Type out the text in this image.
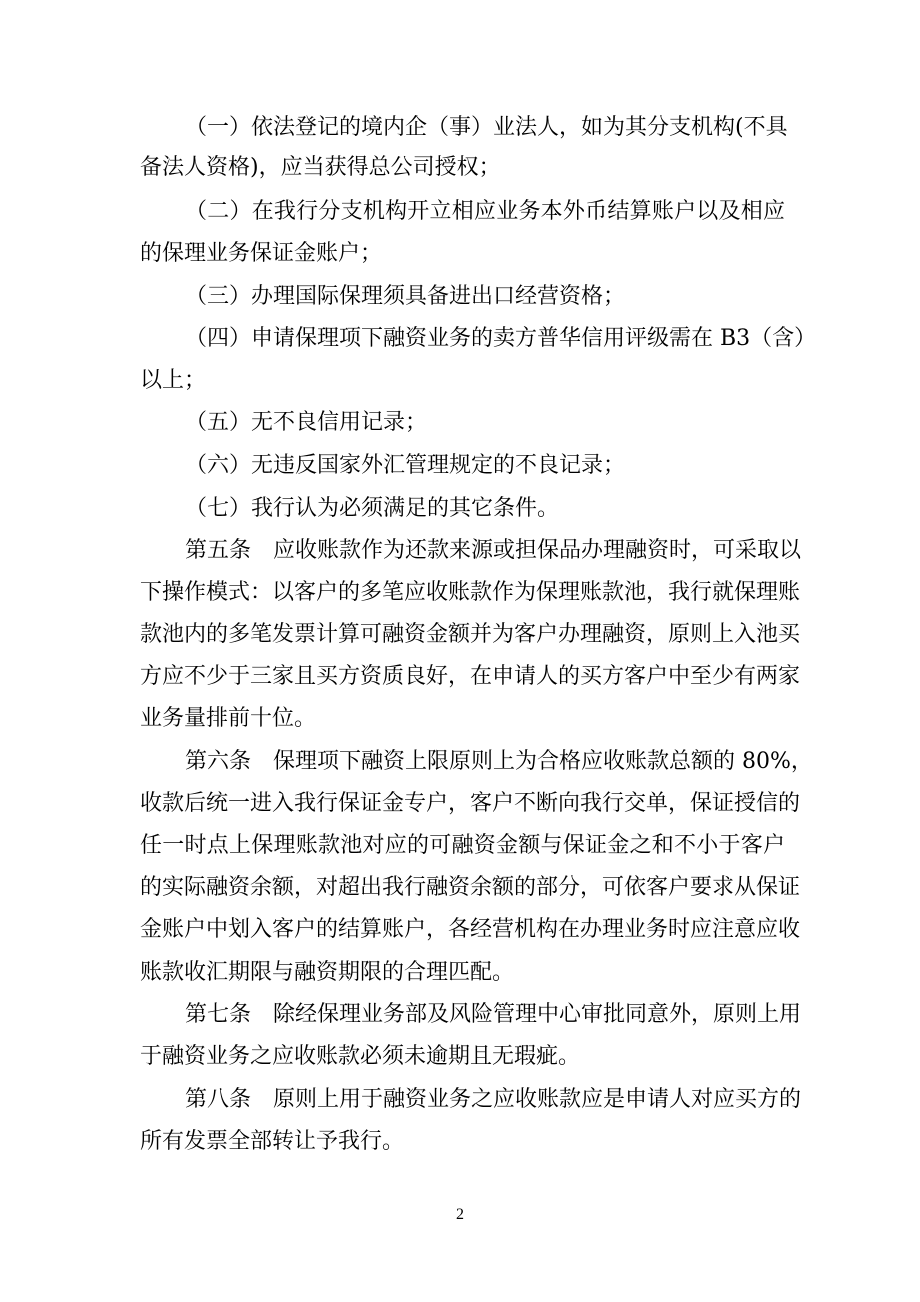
（一）依法登记的境内企（事）业法人，如为其分支机构(不具
备法人资格)，应当获得总公司授权；
（二）在我行分支机构开立相应业务本外币结算账户以及相应
的保理业务保证金账户；
（三）办理国际保理须具备进出口经营资格；
（四）申请保理项下融资业务的卖方普华信用评级需在 B3（含）
以上；
（五）无不良信用记录；
（六）无违反国家外汇管理规定的不良记录；
（七）我行认为必须满足的其它条件。
第五条　应收账款作为还款来源或担保品办理融资时，可采取以
下操作模式：以客户的多笔应收账款作为保理账款池，我行就保理账
款池内的多笔发票计算可融资金额并为客户办理融资，原则上入池买
方应不少于三家且买方资质良好，在申请人的买方客户中至少有两家
业务量排前十位。
第六条　保理项下融资上限原则上为合格应收账款总额的 80%，
收款后统一进入我行保证金专户，客户不断向我行交单，保证授信的
任一时点上保理账款池对应的可融资金额与保证金之和不小于客户
的实际融资余额，对超出我行融资余额的部分，可依客户要求从保证
金账户中划入客户的结算账户，各经营机构在办理业务时应注意应收
账款收汇期限与融资期限的合理匹配。
第七条　除经保理业务部及风险管理中心审批同意外，原则上用
于融资业务之应收账款必须未逾期且无瑕疵。
第八条　原则上用于融资业务之应收账款应是申请人对应买方的
所有发票全部转让予我行。
2
